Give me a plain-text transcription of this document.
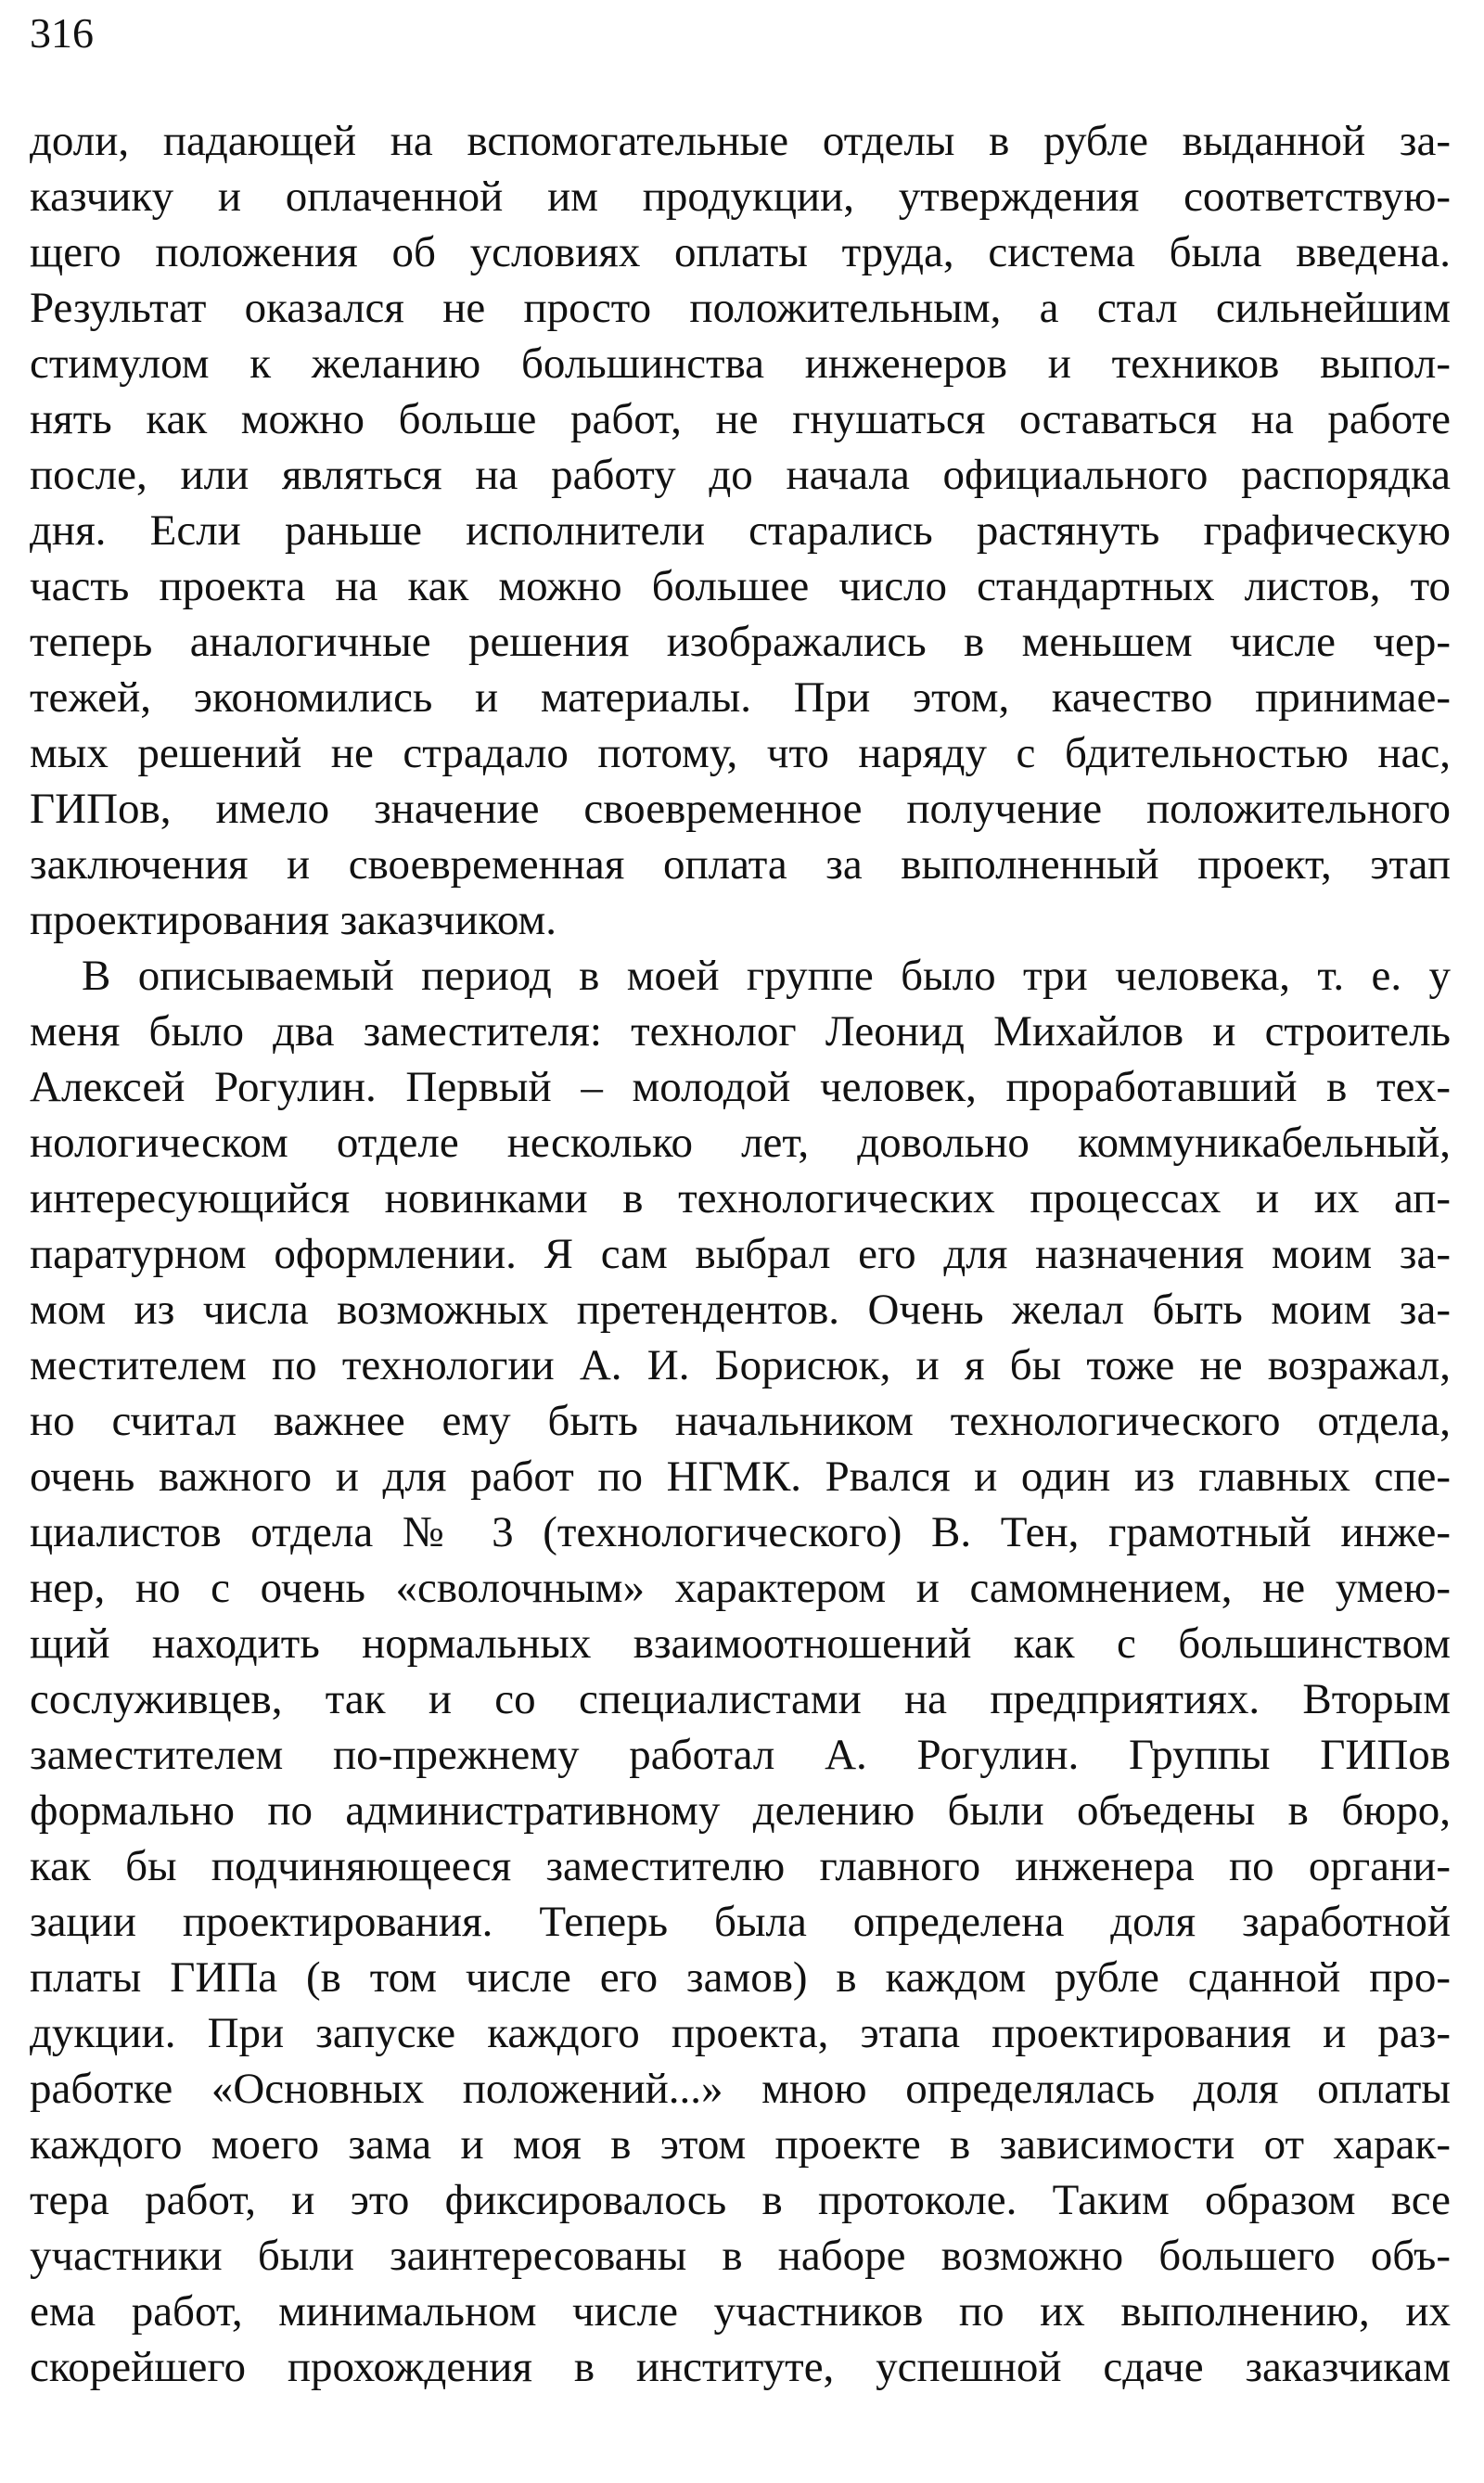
316
доли, падающей на вспомогательные отделы в рубле выданной за-
казчику и оплаченной им продукции, утверждения соответствую-
щего положения об условиях оплаты труда, система была введена.
Результат оказался не просто положительным, а стал сильнейшим
стимулом к желанию большинства инженеров и техников выпол-
нять как можно больше работ, не гнушаться оставаться на работе
после, или являться на работу до начала официального распорядка
дня. Если раньше исполнители старались растянуть графическую
часть проекта на как можно большее число стандартных листов, то
теперь аналогичные решения изображались в меньшем числе чер-
тежей, экономились и материалы. При этом, качество принимае-
мых решений не страдало потому, что наряду с бдительностью нас,
ГИПов, имело значение своевременное получение положительного
заключения и своевременная оплата за выполненный проект, этап
проектирования заказчиком.
В описываемый период в моей группе было три человека, т. е. у
меня было два заместителя: технолог Леонид Михайлов и строитель
Алексей Рогулин. Первый – молодой человек, проработавший в тех-
нологическом отделе несколько лет, довольно коммуникабельный,
интересующийся новинками в технологических процессах и их ап-
паратурном оформлении. Я сам выбрал его для назначения моим за-
мом из числа возможных претендентов. Очень желал быть моим за-
местителем по технологии А. И. Борисюк, и я бы тоже не возражал,
но считал важнее ему быть начальником технологического отдела,
очень важного и для работ по НГМК. Рвался и один из главных спе-
циалистов отдела № 3 (технологического) В. Тен, грамотный инже-
нер, но с очень «сволочным» характером и самомнением, не умею-
щий находить нормальных взаимоотношений как с большинством
сослуживцев, так и со специалистами на предприятиях. Вторым
заместителем по-прежнему работал А. Рогулин. Группы ГИПов
формально по административному делению были объедены в бюро,
как бы подчиняющееся заместителю главного инженера по органи-
зации проектирования. Теперь была определена доля заработной
платы ГИПа (в том числе его замов) в каждом рубле сданной про-
дукции. При запуске каждого проекта, этапа проектирования и раз-
работке «Основных положений...» мною определялась доля оплаты
каждого моего зама и моя в этом проекте в зависимости от харак-
тера работ, и это фиксировалось в протоколе. Таким образом все
участники были заинтересованы в наборе возможно большего объ-
ема работ, минимальном числе участников по их выполнению, их
скорейшего прохождения в институте, успешной сдаче заказчикам
